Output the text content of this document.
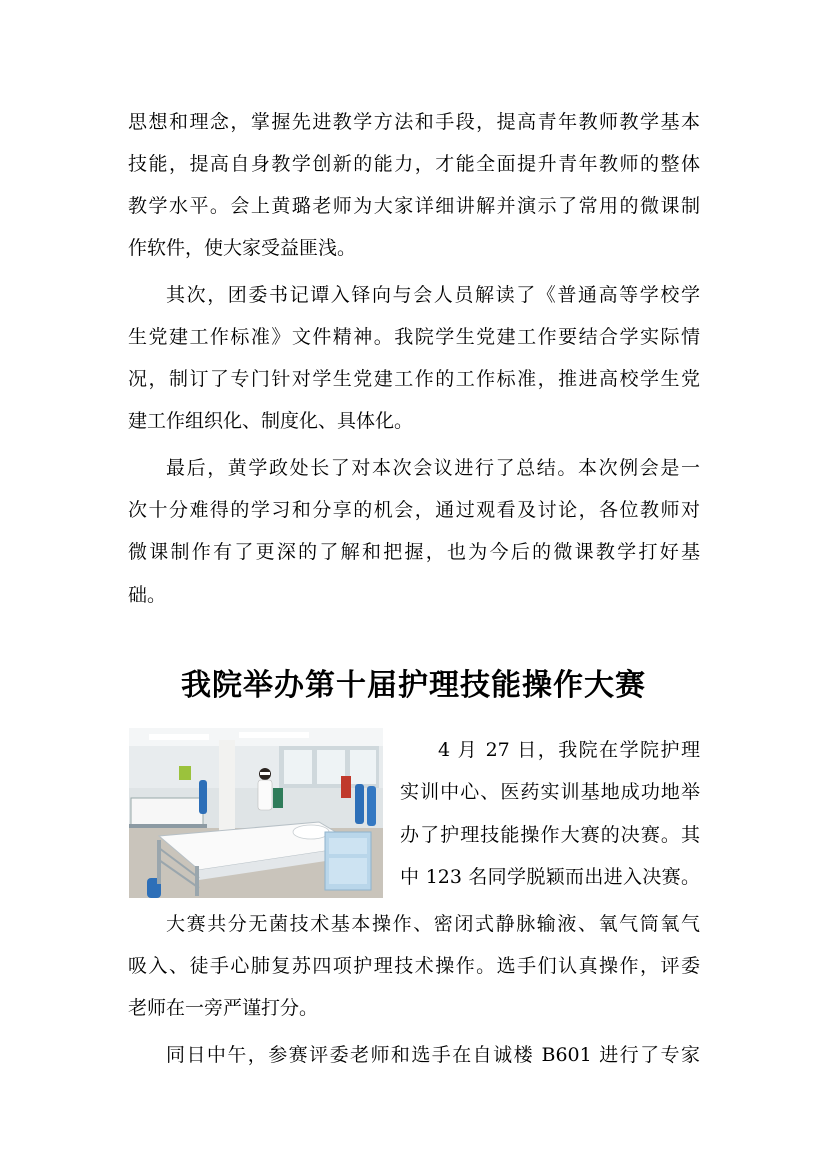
思想和理念，掌握先进教学方法和手段，提高青年教师教学基本
技能，提高自身教学创新的能力，才能全面提升青年教师的整体
教学水平。会上黄璐老师为大家详细讲解并演示了常用的微课制
作软件，使大家受益匪浅。
其次，团委书记谭入铎向与会人员解读了《普通高等学校学
生党建工作标准》文件精神。我院学生党建工作要结合学实际情
况，制订了专门针对学生党建工作的工作标准，推进高校学生党
建工作组织化、制度化、具体化。
最后，黄学政处长了对本次会议进行了总结。本次例会是一
次十分难得的学习和分享的机会，通过观看及讨论，各位教师对
微课制作有了更深的了解和把握，也为今后的微课教学打好基
础。
我院举办第十届护理技能操作大赛
4 月 27 日，我院在学院护理
实训中心、医药实训基地成功地举
办了护理技能操作大赛的决赛。其
中 123 名同学脱颖而出进入决赛。
大赛共分无菌技术基本操作、密闭式静脉输液、氧气筒氧气
吸入、徒手心肺复苏四项护理技术操作。选手们认真操作，评委
老师在一旁严谨打分。
同日中午，参赛评委老师和选手在自诚楼 B601 进行了专家
